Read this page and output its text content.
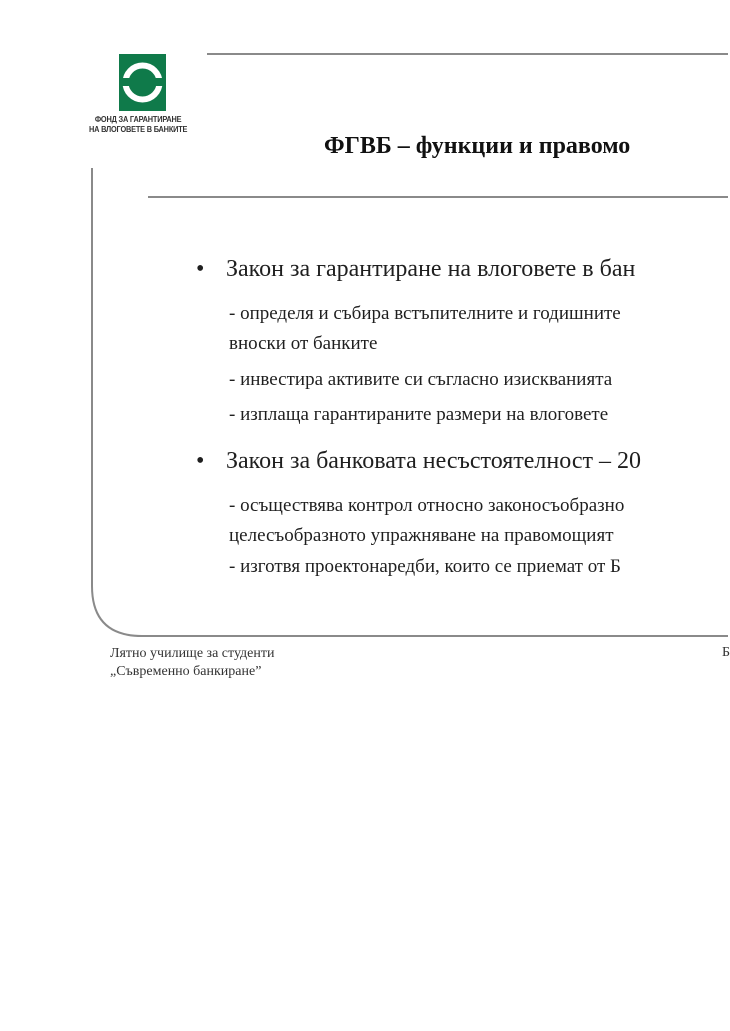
ФОНД ЗА ГАРАНТИРАНЕ
НА ВЛОГОВЕТЕ В БАНКИТЕ
ФГВБ – функции и правомо
• Закон за гарантиране на влоговете в бан
- определя и събира встъпителните и годишните
вноски от банките
- инвестира активите си съгласно изискванията
- изплаща гарантираните размери на влоговете
• Закон за банковата несъстоятелност – 20
- осъществява контрол относно законосъобразно
целесъобразното упражняване на правомощият
- изготвя проектонаредби, които се приемат от Б
Лятно училище за студенти
„Съвременно банкиране”
Б
